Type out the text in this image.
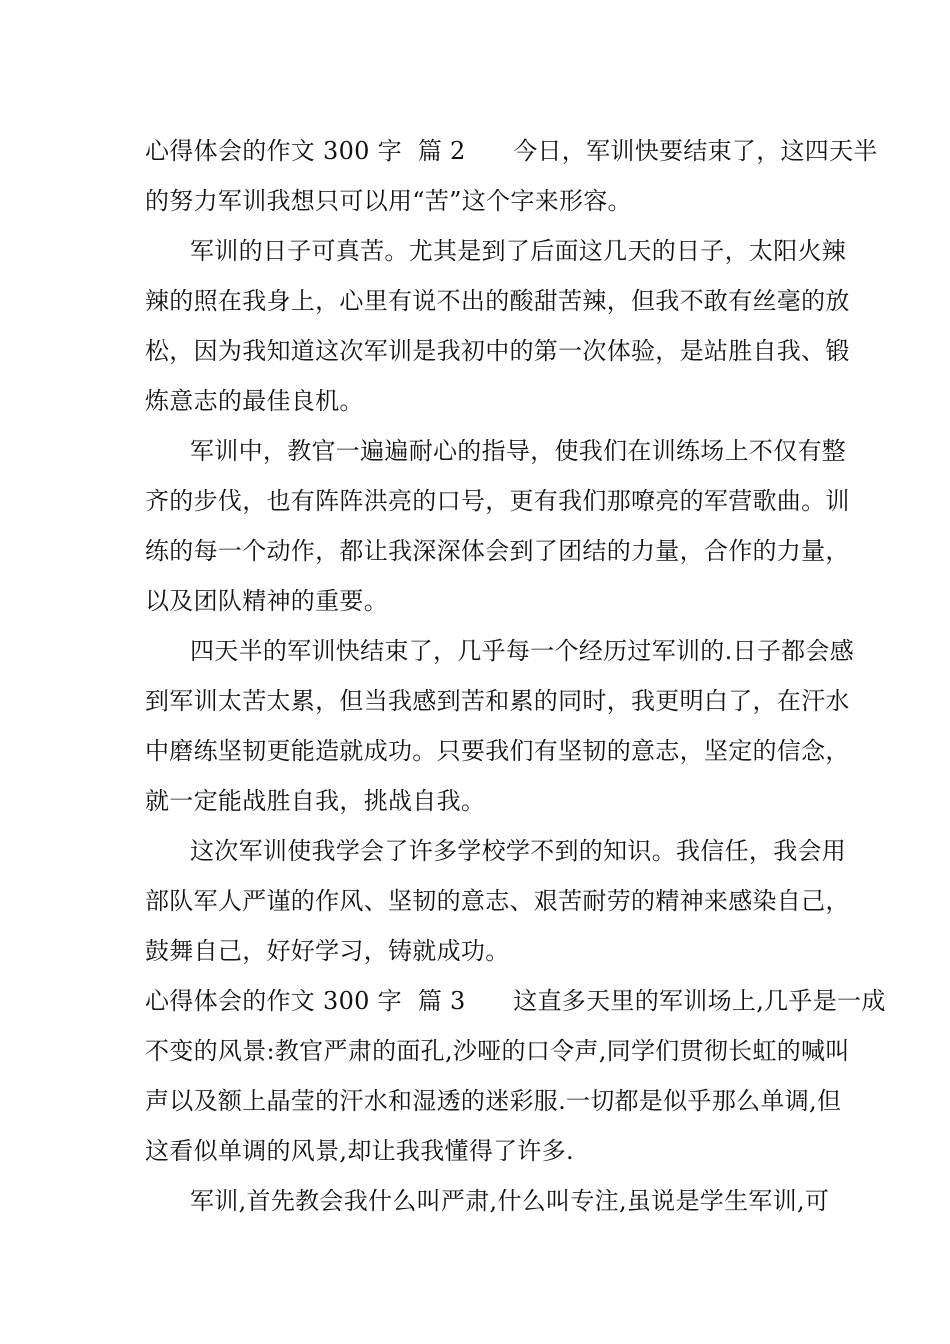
心得体会的作文 300 字  篇 2      今日，军训快要结束了，这四天半
的努力军训我想只可以用“苦”这个字来形容。
军训的日子可真苦。尤其是到了后面这几天的日子，太阳火辣
辣的照在我身上，心里有说不出的酸甜苦辣，但我不敢有丝毫的放
松，因为我知道这次军训是我初中的第一次体验，是站胜自我、锻
炼意志的最佳良机。
军训中，教官一遍遍耐心的指导，使我们在训练场上不仅有整
齐的步伐，也有阵阵洪亮的口号，更有我们那嘹亮的军营歌曲。训
练的每一个动作，都让我深深体会到了团结的力量，合作的力量，
以及团队精神的重要。
四天半的军训快结束了，几乎每一个经历过军训的.日子都会感
到军训太苦太累，但当我感到苦和累的同时，我更明白了，在汗水
中磨练坚韧更能造就成功。只要我们有坚韧的意志，坚定的信念，
就一定能战胜自我，挑战自我。
这次军训使我学会了许多学校学不到的知识。我信任，我会用
部队军人严谨的作风、坚韧的意志、艰苦耐劳的精神来感染自己，
鼓舞自己，好好学习，铸就成功。
心得体会的作文 300 字  篇 3      这直多天里的军训场上,几乎是一成
不变的风景:教官严肃的面孔,沙哑的口令声,同学们贯彻长虹的喊叫
声以及额上晶莹的汗水和湿透的迷彩服.一切都是似乎那么单调,但
这看似单调的风景,却让我我懂得了许多.
军训,首先教会我什么叫严肃,什么叫专注,虽说是学生军训,可
